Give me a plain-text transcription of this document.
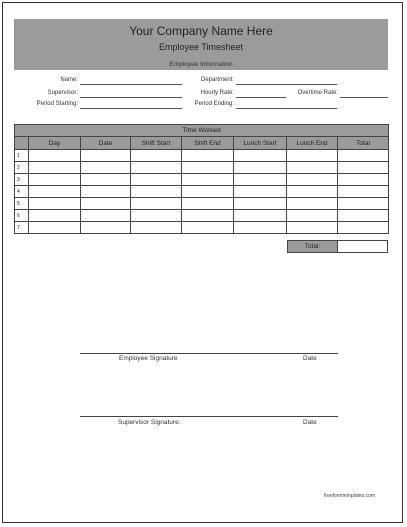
Your Company Name Here
Employee Timesheet
Employee Information
Name:	Department:
Supervisor:	Hourly Rate:	Overtime Rate:
Period Starting:	Period Ending:
Time Worked							
	Day	Date	Shift Start	Shift End	Lunch Start	Lunch End	Total
1							
2							
3							
4							
5							
6							
7							
Total:
Employee Signature	Date
Supervisor Signature:	Date
freeformtemplates.com
